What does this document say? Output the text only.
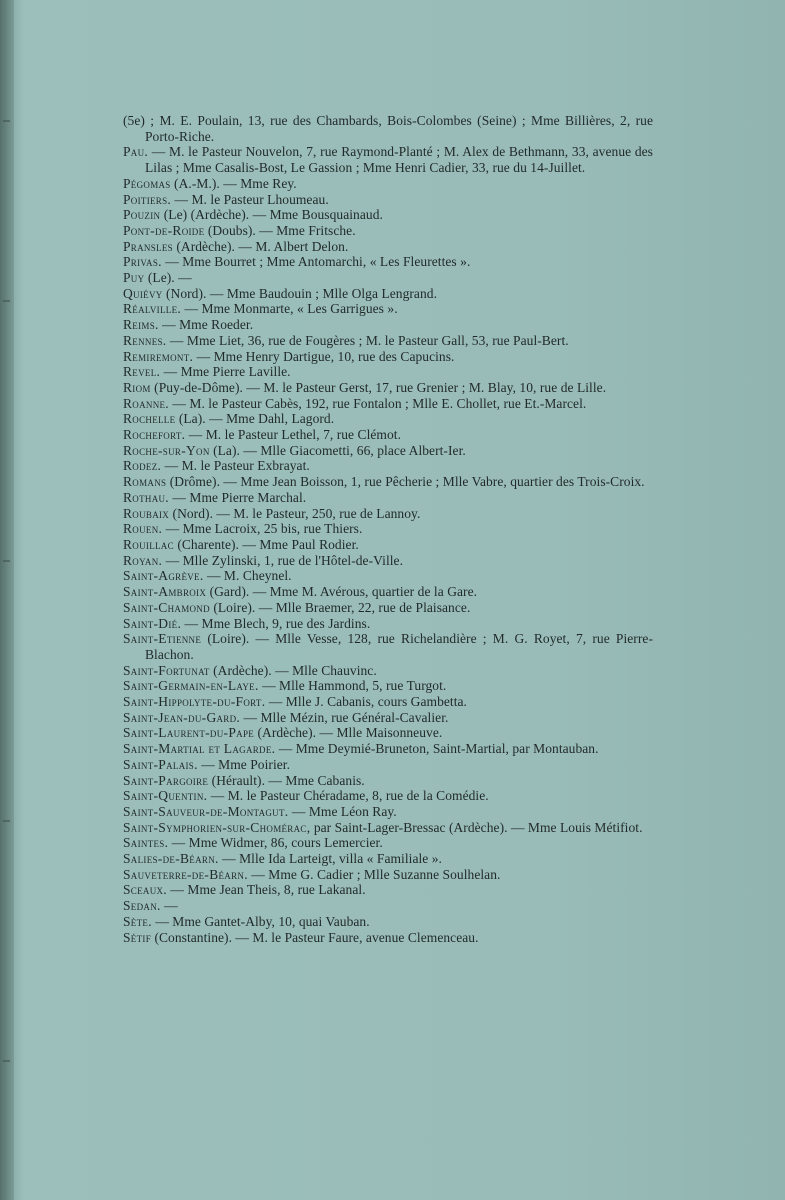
(5e) ; M. E. Poulain, 13, rue des Chambards, Bois-Colombes (Seine) ; Mme Billières, 2, rue Porto-Riche.
Pau. — M. le Pasteur Nouvelon, 7, rue Raymond-Planté ; M. Alex de Bethmann, 33, avenue des Lilas ; Mme Casalis-Bost, Le Gassion ; Mme Henri Cadier, 33, rue du 14-Juillet.
Pégomas (A.-M.). — Mme Rey.
Poitiers. — M. le Pasteur Lhoumeau.
Pouzin (Le) (Ardèche). — Mme Bousquainaud.
Pont-de-Roide (Doubs). — Mme Fritsche.
Pransles (Ardèche). — M. Albert Delon.
Privas. — Mme Bourret ; Mme Antomarchi, « Les Fleurettes ».
Puy (Le). —
Quiévy (Nord). — Mme Baudouin ; Mlle Olga Lengrand.
Réalville. — Mme Monmarte, « Les Garrigues ».
Reims. — Mme Roeder.
Rennes. — Mme Liet, 36, rue de Fougères ; M. le Pasteur Gall, 53, rue Paul-Bert.
Remiremont. — Mme Henry Dartigue, 10, rue des Capucins.
Revel. — Mme Pierre Laville.
Riom (Puy-de-Dôme). — M. le Pasteur Gerst, 17, rue Grenier ; M. Blay, 10, rue de Lille.
Roanne. — M. le Pasteur Cabès, 192, rue Fontalon ; Mlle E. Chollet, rue Et.-Marcel.
Rochelle (La). — Mme Dahl, Lagord.
Rochefort. — M. le Pasteur Lethel, 7, rue Clémot.
Roche-sur-Yon (La). — Mlle Giacometti, 66, place Albert-Ier.
Rodez. — M. le Pasteur Exbrayat.
Romans (Drôme). — Mme Jean Boisson, 1, rue Pêcherie ; Mlle Vabre, quartier des Trois-Croix.
Rothau. — Mme Pierre Marchal.
Roubaix (Nord). — M. le Pasteur, 250, rue de Lannoy.
Rouen. — Mme Lacroix, 25 bis, rue Thiers.
Rouillac (Charente). — Mme Paul Rodier.
Royan. — Mlle Zylinski, 1, rue de l'Hôtel-de-Ville.
Saint-Agrève. — M. Cheynel.
Saint-Ambroix (Gard). — Mme M. Avérous, quartier de la Gare.
Saint-Chamond (Loire). — Mlle Braemer, 22, rue de Plaisance.
Saint-Dié. — Mme Blech, 9, rue des Jardins.
Saint-Etienne (Loire). — Mlle Vesse, 128, rue Richelandière ; M. G. Royet, 7, rue Pierre-Blachon.
Saint-Fortunat (Ardèche). — Mlle Chauvinc.
Saint-Germain-en-Laye. — Mlle Hammond, 5, rue Turgot.
Saint-Hippolyte-du-Fort. — Mlle J. Cabanis, cours Gambetta.
Saint-Jean-du-Gard. — Mlle Mézin, rue Général-Cavalier.
Saint-Laurent-du-Pape (Ardèche). — Mlle Maisonneuve.
Saint-Martial et Lagarde. — Mme Deymié-Bruneton, Saint-Martial, par Montauban.
Saint-Palais. — Mme Poirier.
Saint-Pargoire (Hérault). — Mme Cabanis.
Saint-Quentin. — M. le Pasteur Chéradame, 8, rue de la Comédie.
Saint-Sauveur-de-Montagut. — Mme Léon Ray.
Saint-Symphorien-sur-Chomérac, par Saint-Lager-Bressac (Ardèche). — Mme Louis Métifiot.
Saintes. — Mme Widmer, 86, cours Lemercier.
Salies-de-Béarn. — Mlle Ida Larteigt, villa « Familiale ».
Sauveterre-de-Béarn. — Mme G. Cadier ; Mlle Suzanne Soulhelan.
Sceaux. — Mme Jean Theis, 8, rue Lakanal.
Sedan. —
Sète. — Mme Gantet-Alby, 10, quai Vauban.
Sétif (Constantine). — M. le Pasteur Faure, avenue Clemenceau.
